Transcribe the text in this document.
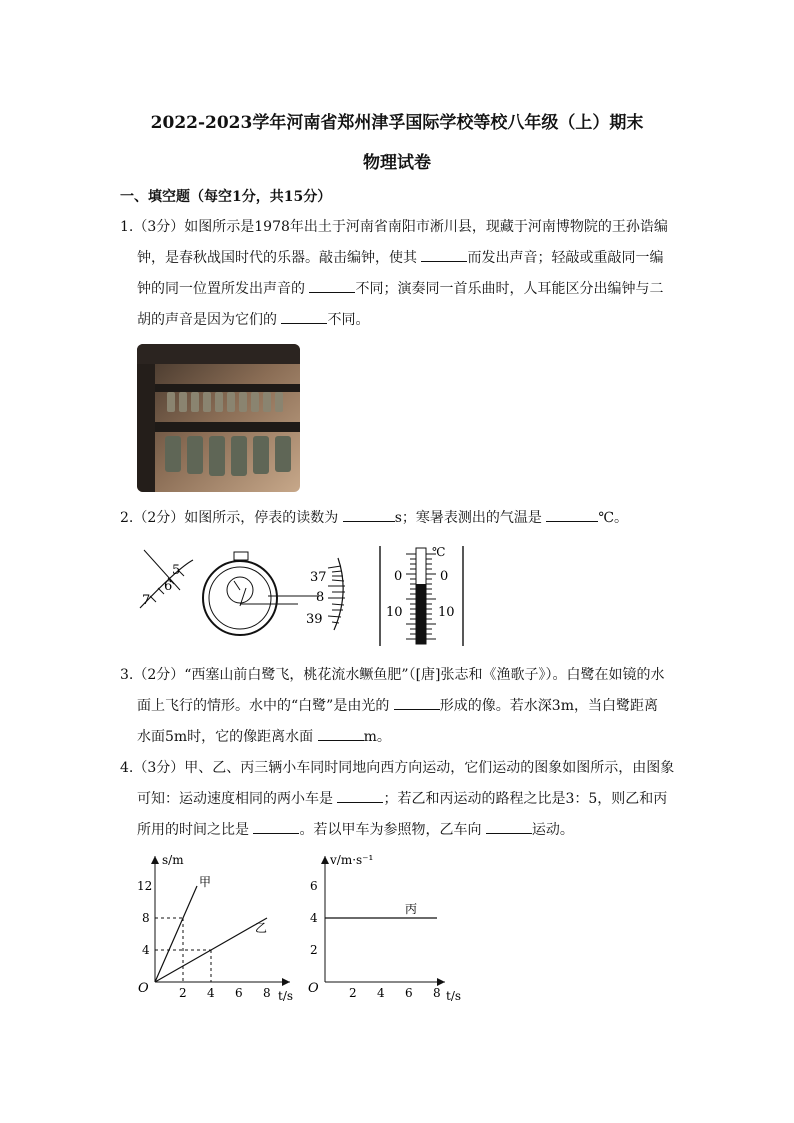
2022-2023学年河南省郑州津孚国际学校等校八年级（上）期末
物理试卷
一、填空题（每空1分，共15分）
1.（3分）如图所示是1978年出土于河南省南阳市淅川县，现藏于河南博物院的王孙诰编
钟，是春秋战国时代的乐器。敲击编钟，使其	而发出声音；轻敲或重敲同一编
钟的同一位置所发出声音的	不同；演奏同一首乐曲时，人耳能区分出编钟与二
胡的声音是因为它们的	不同。
2.（2分）如图所示，停表的读数为	s；寒暑表测出的气温是	℃。
5
6
7
37
8
39
℃
0	0
10	10
3.（2分）“西塞山前白鹭飞，桃花流水鳜鱼肥”（[唐]张志和《渔歌子》）。白鹭在如镜的水
面上飞行的情形。水中的“白鹭”是由光的	形成的像。若水深3m，当白鹭距离
水面5m时，它的像距离水面	m。
4.（3分）甲、乙、丙三辆小车同时同地向西方向运动，它们运动的图象如图所示，由图象
可知：运动速度相同的两小车是	；若乙和丙运动的路程之比是3：5，则乙和丙
所用的时间之比是	。若以甲车为参照物，乙车向	运动。
O
s/m
t/s
2 4 6 8
4
8
12	甲
乙
O
v/m·s⁻¹
t/s
2 4 6 8
2
4
6
丙
